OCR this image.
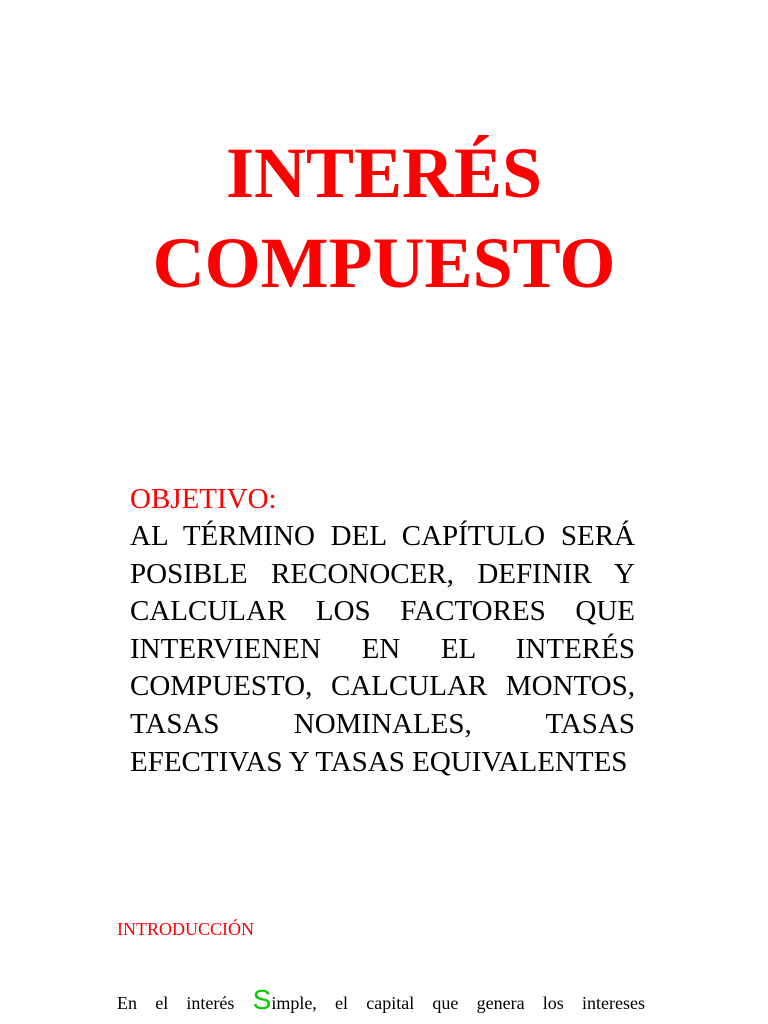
INTERÉS
COMPUESTO

OBJETIVO:

AL TÉRMINO DEL CAPÍTULO SERÁ POSIBLE RECONOCER, DEFINIR Y CALCULAR LOS FACTORES QUE INTERVIENEN EN EL INTERÉS COMPUESTO, CALCULAR MONTOS, TASAS NOMINALES, TASAS EFECTIVAS Y TASAS EQUIVALENTES

INTRODUCCIÓN

En el interés Simple, el capital que genera los intereses
